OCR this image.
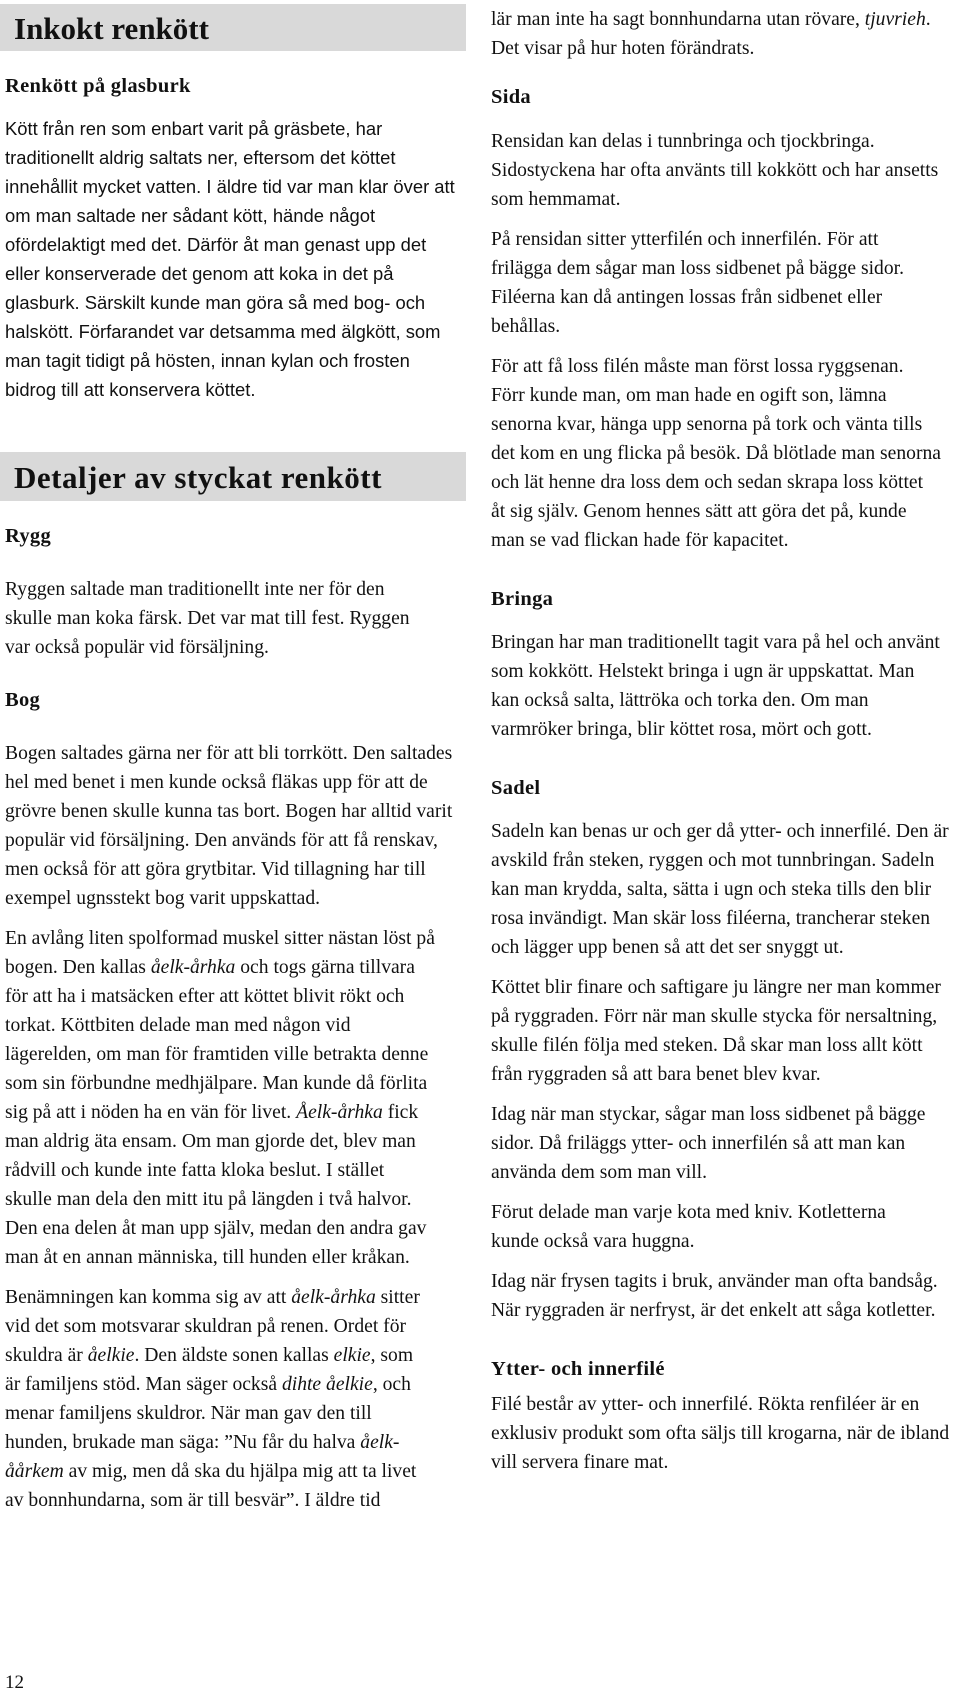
Inkokt renkött
Renkött på glasburk

Kött från ren som enbart varit på gräsbete, har traditionellt aldrig saltats ner, eftersom det köttet innehållit mycket vatten. I äldre tid var man klar över att om man saltade ner sådant kött, hände något ofördelaktigt med det. Därför åt man genast upp det eller konserverade det genom att koka in det på glasburk. Särskilt kunde man göra så med bog- och halskött. Förfarandet var detsamma med älgkött, som man tagit tidigt på hösten, innan kylan och frosten bidrog till att konservera köttet.

Detaljer av styckat renkött
Rygg

Ryggen saltade man traditionellt inte ner för den skulle man koka färsk. Det var mat till fest. Ryggen var också populär vid försäljning.

Bog

Bogen saltades gärna ner för att bli torrkött. Den saltades hel med benet i men kunde också fläkas upp för att de grövre benen skulle kunna tas bort. Bogen har alltid varit populär vid försäljning. Den används för att få renskav, men också för att göra grytbitar. Vid tillagning har till exempel ugnsstekt bog varit uppskattad.

En avlång liten spolformad muskel sitter nästan löst på bogen. Den kallas åelk-århka och togs gärna tillvara för att ha i matsäcken efter att köttet blivit rökt och torkat. Köttbiten delade man med någon vid lägerelden, om man för framtiden ville betrakta denne som sin förbundne medhjälpare. Man kunde då förlita sig på att i nöden ha en vän för livet. Åelk-århka fick man aldrig äta ensam. Om man gjorde det, blev man rådvill och kunde inte fatta kloka beslut. I stället skulle man dela den mitt itu på längden i två halvor. Den ena delen åt man upp själv, medan den andra gav man åt en annan människa, till hunden eller kråkan.

Benämningen kan komma sig av att åelk-århka sitter vid det som motsvarar skuldran på renen. Ordet för skuldra är åelkie. Den äldste sonen kallas elkie, som är familjens stöd. Man säger också dihte åelkie, och menar familjens skuldror. När man gav den till hunden, brukade man säga: ”Nu får du halva åelk-åårkem av mig, men då ska du hjälpa mig att ta livet av bonnhundarna, som är till besvär”. I äldre tid

lär man inte ha sagt bonnhundarna utan rövare, tjuvrieh. Det visar på hur hoten förändrats.

Sida

Rensidan kan delas i tunnbringa och tjockbringa. Sidostyckena har ofta använts till kokkött och har ansetts som hemmamat.

På rensidan sitter ytterfilén och innerfilén. För att frilägga dem sågar man loss sidbenet på bägge sidor. Filéerna kan då antingen lossas från sidbenet eller behållas.

För att få loss filén måste man först lossa ryggsenan. Förr kunde man, om man hade en ogift son, lämna senorna kvar, hänga upp senorna på tork och vänta tills det kom en ung flicka på besök. Då blötlade man senorna och lät henne dra loss dem och sedan skrapa loss köttet åt sig själv. Genom hennes sätt att göra det på, kunde man se vad flickan hade för kapacitet.

Bringa

Bringan har man traditionellt tagit vara på hel och använt som kokkött. Helstekt bringa i ugn är uppskattat. Man kan också salta, lättröka och torka den. Om man varmröker bringa, blir köttet rosa, mört och gott.

Sadel

Sadeln kan benas ur och ger då ytter- och innerfilé. Den är avskild från steken, ryggen och mot tunnbringan. Sadeln kan man krydda, salta, sätta i ugn och steka tills den blir rosa invändigt. Man skär loss filéerna, trancherar steken och lägger upp benen så att det ser snyggt ut.

Köttet blir finare och saftigare ju längre ner man kommer på ryggraden. Förr när man skulle stycka för nersaltning, skulle filén följa med steken. Då skar man loss allt kött från ryggraden så att bara benet blev kvar.

Idag när man styckar, sågar man loss sidbenet på bägge sidor. Då friläggs ytter- och innerfilén så att man kan använda dem som man vill.

Förut delade man varje kota med kniv. Kotletterna kunde också vara huggna.

Idag när frysen tagits i bruk, använder man ofta bandsåg. När ryggraden är nerfryst, är det enkelt att såga kotletter.

Ytter- och innerfilé

Filé består av ytter- och innerfilé. Rökta renfiléer är en exklusiv produkt som ofta säljs till krogarna, när de ibland vill servera finare mat.

12
